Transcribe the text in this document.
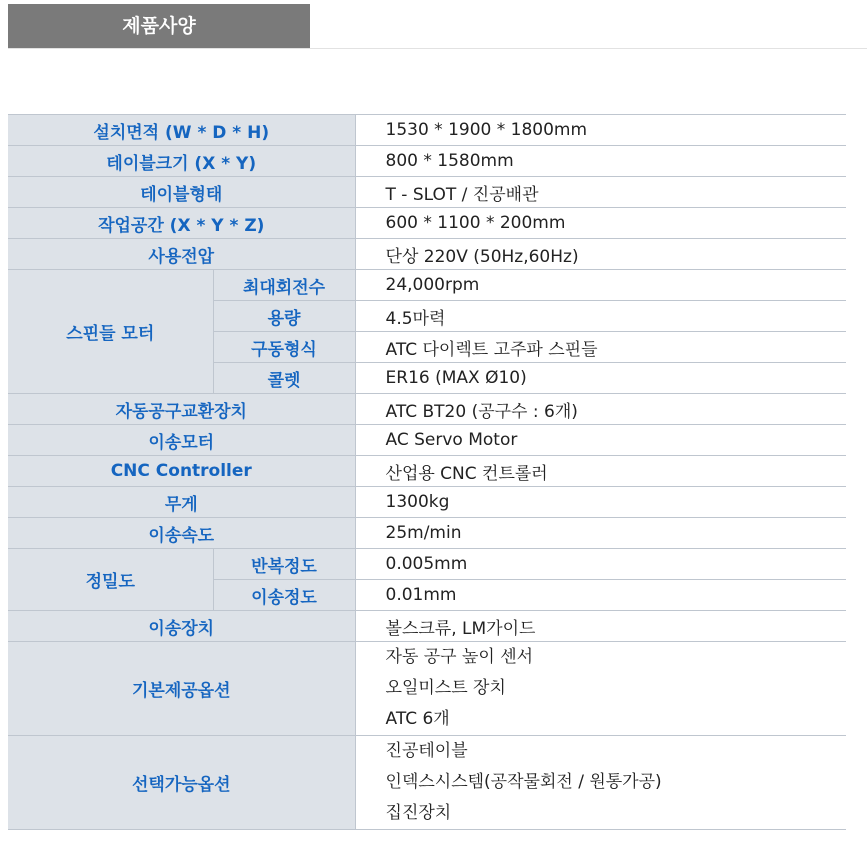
제품사양
설치면적 (W * D * H)		1530 * 1900 * 1800mm
테이블크기 (X * Y)		800 * 1580mm
테이블형태		T - SLOT / 진공배관
작업공간 (X * Y * Z)		600 * 1100 * 200mm
사용전압		단상 220V (50Hz,60Hz)
스핀들 모터	최대회전수	24,000rpm
	용량	4.5마력
	구동형식	ATC 다이렉트 고주파 스핀들
	콜렛	ER16 (MAX Ø10)
자동공구교환장치		ATC BT20 (공구수 : 6개)
이송모터		AC Servo Motor
CNC Controller		산업용 CNC 컨트롤러
무게		1300kg
이송속도		25m/min
정밀도	반복정도	0.005mm
	이송정도	0.01mm
이송장치		볼스크류, LM가이드
기본제공옵션		자동 공구 높이 센서
오일미스트 장치
ATC 6개

선택가능옵션		진공테이블
인덱스시스템(공작물회전 / 원통가공)
집진장치
